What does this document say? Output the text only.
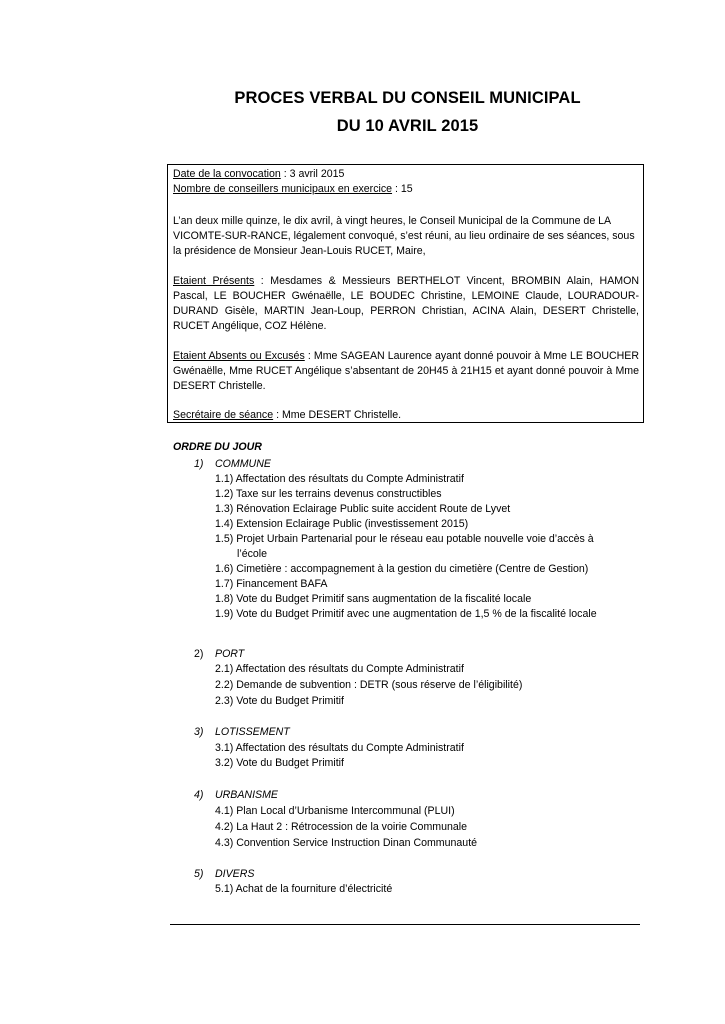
PROCES VERBAL DU CONSEIL MUNICIPAL
DU 10 AVRIL 2015
Date de la convocation : 3 avril 2015
Nombre de conseillers municipaux en exercice : 15
L’an deux mille quinze, le dix avril, à vingt heures, le Conseil Municipal de la Commune de LA VICOMTE-SUR-RANCE, légalement convoqué, s’est réuni, au lieu ordinaire de ses séances, sous la présidence de Monsieur Jean-Louis RUCET, Maire,
Etaient Présents : Mesdames & Messieurs BERTHELOT Vincent, BROMBIN Alain, HAMON Pascal, LE BOUCHER Gwénaëlle, LE BOUDEC Christine, LEMOINE Claude, LOURADOUR-DURAND Gisèle, MARTIN Jean-Loup, PERRON Christian, ACINA Alain, DESERT Christelle, RUCET Angélique, COZ Hélène.
Etaient Absents ou Excusés : Mme SAGEAN Laurence ayant donné pouvoir à Mme LE BOUCHER Gwénaëlle, Mme RUCET Angélique s’absentant de 20H45 à 21H15 et ayant donné pouvoir à Mme DESERT Christelle.
Secrétaire de séance : Mme DESERT Christelle.
ORDRE DU JOUR
1) COMMUNE
1.1) Affectation des résultats du Compte Administratif
1.2) Taxe sur les terrains devenus constructibles
1.3) Rénovation Eclairage Public suite accident Route de Lyvet
1.4) Extension Eclairage Public (investissement 2015)
1.5) Projet Urbain Partenarial pour le réseau eau potable nouvelle voie d’accès à
l’école
1.6) Cimetière : accompagnement à la gestion du cimetière (Centre de Gestion)
1.7) Financement BAFA
1.8) Vote du Budget Primitif sans augmentation de la fiscalité locale
1.9) Vote du Budget Primitif avec une augmentation de 1,5 % de la fiscalité locale
2) PORT
2.1) Affectation des résultats du Compte Administratif
2.2) Demande de subvention : DETR (sous réserve de l’éligibilité)
2.3) Vote du Budget Primitif
3) LOTISSEMENT
3.1) Affectation des résultats du Compte Administratif
3.2) Vote du Budget Primitif
4) URBANISME
4.1) Plan Local d’Urbanisme Intercommunal (PLUI)
4.2) La Haut 2 : Rétrocession de la voirie Communale
4.3) Convention Service Instruction Dinan Communauté
5) DIVERS
5.1) Achat de la fourniture d’électricité
